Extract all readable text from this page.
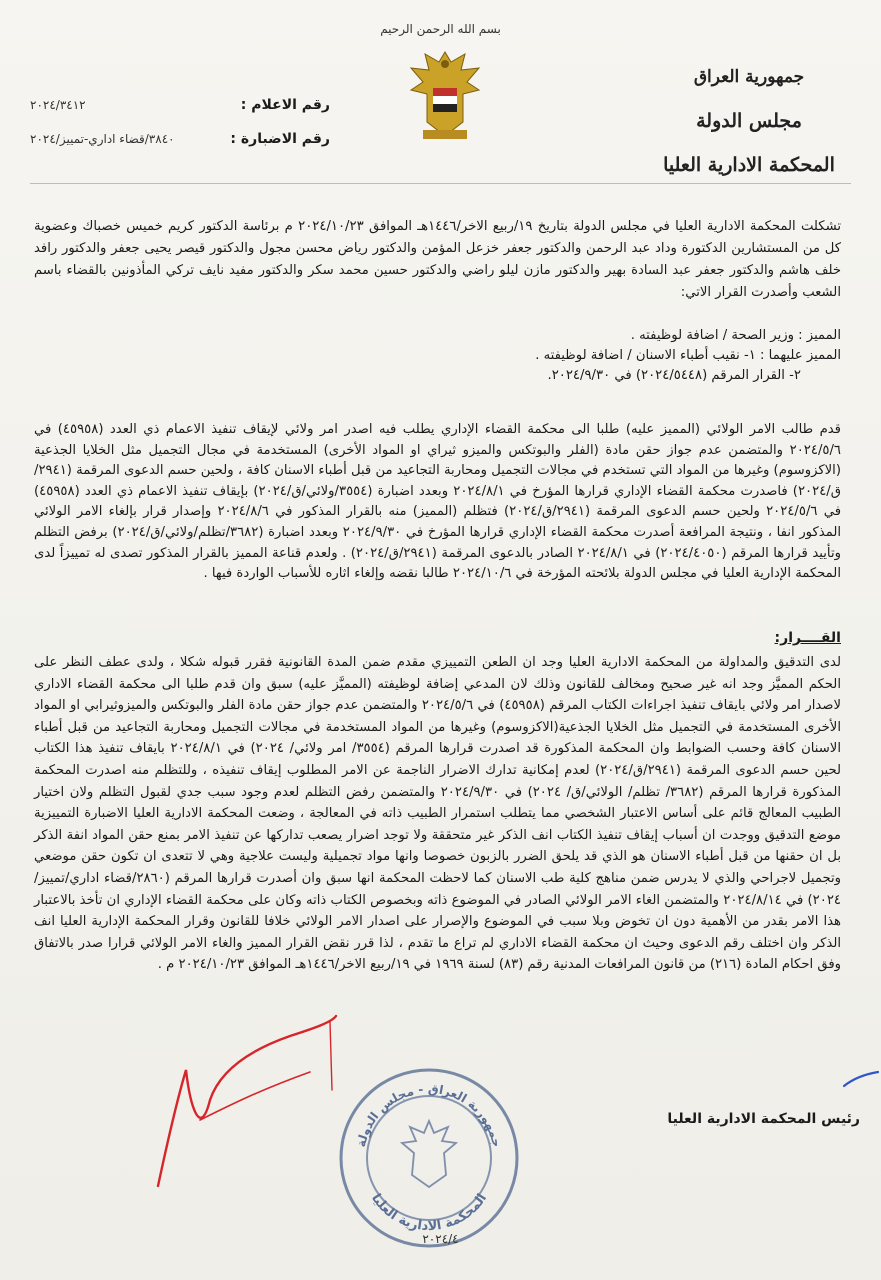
بسم الله الرحمن الرحيم
جمهورية العراق
مجلس الدولة
المحكمة الادارية العليا
رقم الاعلام :
٢٠٢٤/٣٤١٢
رقم الاضبارة :
٣٨٤٠/قضاء اداري-تمييز/٢٠٢٤
تشكلت المحكمة الادارية العليا في مجلس الدولة بتاريخ ١٩/ربيع الاخر/١٤٤٦هـ الموافق ٢٠٢٤/١٠/٢٣ م برئاسة الدكتور كريم خميس خصباك وعضوية كل من المستشارين الدكتورة وداد عبد الرحمن والدكتور جعفر خزعل المؤمن والدكتور رياض محسن مجول والدكتور قيصر يحيى جعفر والدكتور رافد خلف هاشم والدكتور جعفر عبد السادة بهير والدكتور مازن ليلو راضي والدكتور حسين محمد سكر والدكتور مفيد نايف تركي المأذونين بالقضاء باسم الشعب وأصدرت القرار الاتي:
المميز : وزير الصحة / اضافة لوظيفته .
المميز عليهما : ١- نقيب أطباء الاسنان / اضافة لوظيفته .
٢- القرار المرقم (٢٠٢٤/٥٤٤٨) في ٢٠٢٤/٩/٣٠.
قدم طالب الامر الولائي (المميز عليه) طلبا الى محكمة القضاء الإداري يطلب فيه اصدر امر ولائي لإيقاف تنفيذ الاعمام ذي العدد (٤٥٩٥٨) في ٢٠٢٤/٥/٦ والمتضمن عدم جواز حقن مادة (الفلر والبوتكس والميزو ثيراي او المواد الأخرى) المستخدمة في مجال التجميل مثل الخلايا الجذعية (الاكزوسوم) وغيرها من المواد التي تستخدم في مجالات التجميل ومحاربة التجاعيد من قبل أطباء الاسنان كافة ، ولحين حسم الدعوى المرقمة (٢٩٤١/ق/٢٠٢٤) فاصدرت محكمة القضاء الإداري قرارها المؤرخ في ٢٠٢٤/٨/١ وبعدد اضبارة (٣٥٥٤/ولائي/ق/٢٠٢٤) بإيقاف تنفيذ الاعمام ذي العدد (٤٥٩٥٨) في ٢٠٢٤/٥/٦ ولحين حسم الدعوى المرقمة (٢٩٤١/ق/٢٠٢٤) فتظلم (المميز) منه بالقرار المذكور في ٢٠٢٤/٨/٦ وإصدار قرار بإلغاء الامر الولائي المذكور انفا ، ونتيجة المرافعة أصدرت محكمة القضاء الإداري قرارها المؤرخ في ٢٠٢٤/٩/٣٠ وبعدد اضبارة (٣٦٨٢/تظلم/ولائي/ق/٢٠٢٤) برفض التظلم وتأييد قرارها المرقم (٢٠٢٤/٤٠٥٠) في ٢٠٢٤/٨/١ الصادر بالدعوى المرقمة (٢٩٤١/ق/٢٠٢٤) . ولعدم قناعة المميز بالقرار المذكور تصدى له تمييزاً لدى المحكمة الإدارية العليا في مجلس الدولة بلائحته المؤرخة في ٢٠٢٤/١٠/٦ طالبا نقضه وإلغاء اثاره للأسباب الواردة فيها .
القــــرار:
لدى التدقيق والمداولة من المحكمة الادارية العليا وجد ان الطعن التمييزي مقدم ضمن المدة القانونية فقرر قبوله شكلا ، ولدى عطف النظر على الحكم المميَّز وجد انه غير صحيح ومخالف للقانون وذلك لان المدعي إضافة لوظيفته (المميَّز عليه) سبق وان قدم طلبا الى محكمة القضاء الاداري لاصدار امر ولائي بايقاف تنفيذ اجراءات الكتاب المرقم (٤٥٩٥٨) في ٢٠٢٤/٥/٦ والمتضمن عدم جواز حقن مادة الفلر والبوتكس والميزوثيرابي او المواد الأخرى المستخدمة في التجميل مثل الخلايا الجذعية(الاكزوسوم) وغيرها من المواد المستخدمة في مجالات التجميل ومحاربة التجاعيد من قبل أطباء الاسنان كافة وحسب الضوابط وان المحكمة المذكورة قد اصدرت قرارها المرقم (٣٥٥٤/ امر ولائي/ ٢٠٢٤) في ٢٠٢٤/٨/١ بايقاف تنفيذ هذا الكتاب لحين حسم الدعوى المرقمة (٢٩٤١/ق/٢٠٢٤) لعدم إمكانية تدارك الاضرار الناجمة عن الامر المطلوب إيقاف تنفيذه ، وللتظلم منه اصدرت المحكمة المذكورة قرارها المرقم (٣٦٨٢/ تظلم/ الولائي/ق/ ٢٠٢٤) في ٢٠٢٤/٩/٣٠ والمتضمن رفض التظلم لعدم وجود سبب جدي لقبول التظلم ولان اختيار الطبيب المعالج قائم على أساس الاعتبار الشخصي مما يتطلب استمرار الطبيب ذاته في المعالجة ، وضعت المحكمة الادارية العليا الاضبارة التمييزية موضع التدقيق ووجدت ان أسباب إيقاف تنفيذ الكتاب انف الذكر غير متحققة ولا توجد اضرار يصعب تداركها عن تنفيذ الامر بمنع حقن المواد انفة الذكر بل ان حقنها من قبل أطباء الاسنان هو الذي قد يلحق الضرر بالزبون خصوصا وانها مواد تجميلية وليست علاجية وهي لا تتعدى ان تكون حقن موضعي وتجميل لاجراحي والذي لا يدرس ضمن مناهج كلية طب الاسنان كما لاحظت المحكمة انها سبق وان أصدرت قرارها المرقم (٢٨٦٠/قضاء اداري/تمييز/٢٠٢٤) في ٢٠٢٤/٨/١٤ والمتضمن الغاء الامر الولائي الصادر في الموضوع ذاته وبخصوص الكتاب ذاته وكان على محكمة القضاء الإداري ان تأخذ بالاعتبار هذا الامر بقدر من الأهمية دون ان تخوض وبلا سبب في الموضوع والإصرار على اصدار الامر الولائي خلافا للقانون وقرار المحكمة الإدارية العليا انف الذكر وان اختلف رقم الدعوى وحيث ان محكمة القضاء الاداري لم تراع ما تقدم ، لذا قرر نقض القرار المميز والغاء الامر الولائي قرارا صدر بالاتفاق وفق احكام المادة (٢١٦) من قانون المرافعات المدنية رقم (٨٣) لسنة ١٩٦٩ في ١٩/ربيع الاخر/١٤٤٦هـ الموافق ٢٠٢٤/١٠/٢٣ م .
رئيس المحكمة الادارية العليا
جمهورية العراق - مجلس الدولة
المحكمة الادارية العليا
٢٠٢٤/٤
